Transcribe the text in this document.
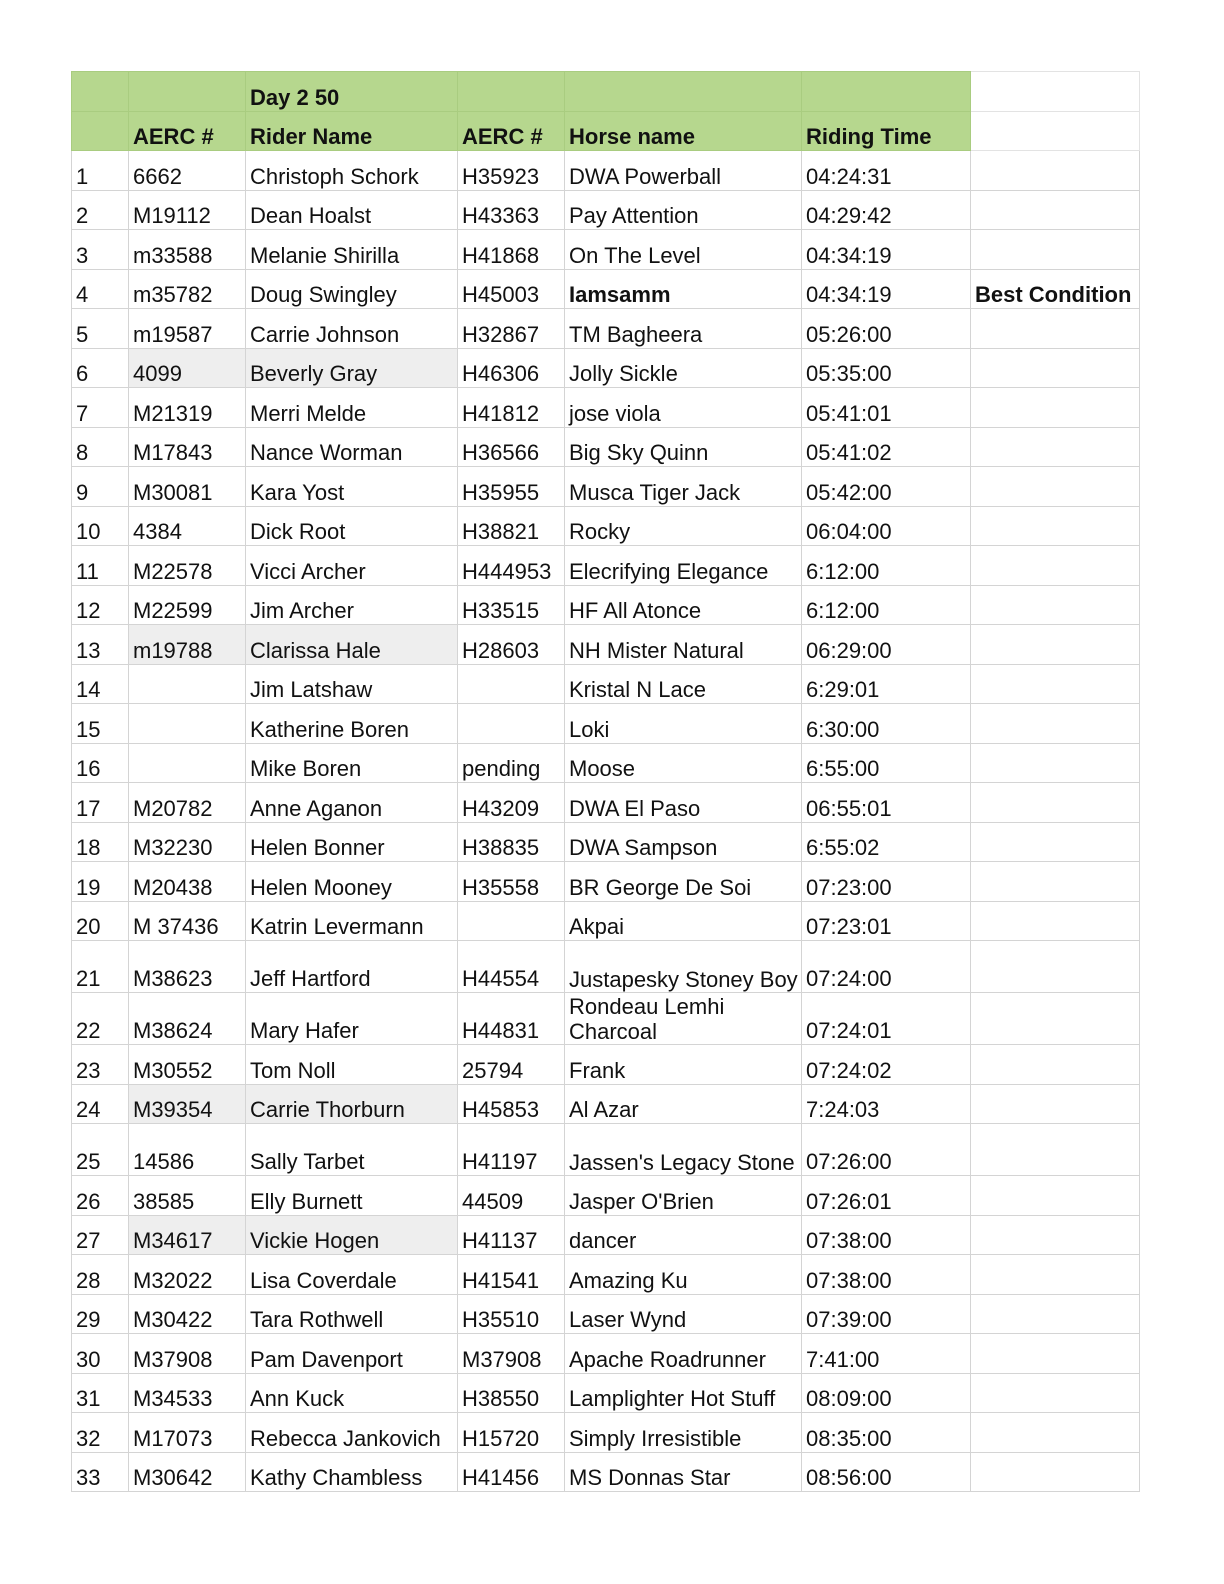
		Day 2 50				
	AERC #	Rider Name	AERC #	Horse name	Riding Time	
1	6662	Christoph Schork	H35923	DWA Powerball	04:24:31	
2	M19112	Dean Hoalst	H43363	Pay Attention	04:29:42	
3	m33588	Melanie Shirilla	H41868	On The Level	04:34:19	
4	m35782	Doug Swingley	H45003	Iamsamm	04:34:19	Best Condition
5	m19587	Carrie Johnson	H32867	TM Bagheera	05:26:00	
6	4099	Beverly Gray	H46306	Jolly Sickle	05:35:00	
7	M21319	Merri Melde	H41812	jose viola	05:41:01	
8	M17843	Nance Worman	H36566	Big Sky Quinn	05:41:02	
9	M30081	Kara Yost	H35955	Musca Tiger Jack	05:42:00	
10	4384	Dick Root	H38821	Rocky	06:04:00	
11	M22578	Vicci Archer	H444953	Elecrifying Elegance	6:12:00	
12	M22599	Jim Archer	H33515	HF All Atonce	6:12:00	
13	m19788	Clarissa Hale	H28603	NH Mister Natural	06:29:00	
14		Jim Latshaw		Kristal N Lace	6:29:01	
15		Katherine Boren		Loki	6:30:00	
16		Mike Boren	pending	Moose	6:55:00	
17	M20782	Anne Aganon	H43209	DWA El Paso	06:55:01	
18	M32230	Helen Bonner	H38835	DWA Sampson	6:55:02	
19	M20438	Helen Mooney	H35558	BR George De Soi	07:23:00	
20	M 37436	Katrin Levermann		Akpai	07:23:01	
21	M38623	Jeff Hartford	H44554	Justapesky Stoney Boy	07:24:00	
22	M38624	Mary Hafer	H44831	Rondeau Lemhi Charcoal	07:24:01	
23	M30552	Tom Noll	25794	Frank	07:24:02	
24	M39354	Carrie Thorburn	H45853	Al Azar	7:24:03	
25	14586	Sally Tarbet	H41197	Jassen's Legacy Stone	07:26:00	
26	38585	Elly Burnett	44509	Jasper O'Brien	07:26:01	
27	M34617	Vickie Hogen	H41137	dancer	07:38:00	
28	M32022	Lisa Coverdale	H41541	Amazing Ku	07:38:00	
29	M30422	Tara Rothwell	H35510	Laser Wynd	07:39:00	
30	M37908	Pam Davenport	M37908	Apache Roadrunner	7:41:00	
31	M34533	Ann Kuck	H38550	Lamplighter Hot Stuff	08:09:00	
32	M17073	Rebecca Jankovich	H15720	Simply Irresistible	08:35:00	
33	M30642	Kathy Chambless	H41456	MS Donnas Star	08:56:00	
